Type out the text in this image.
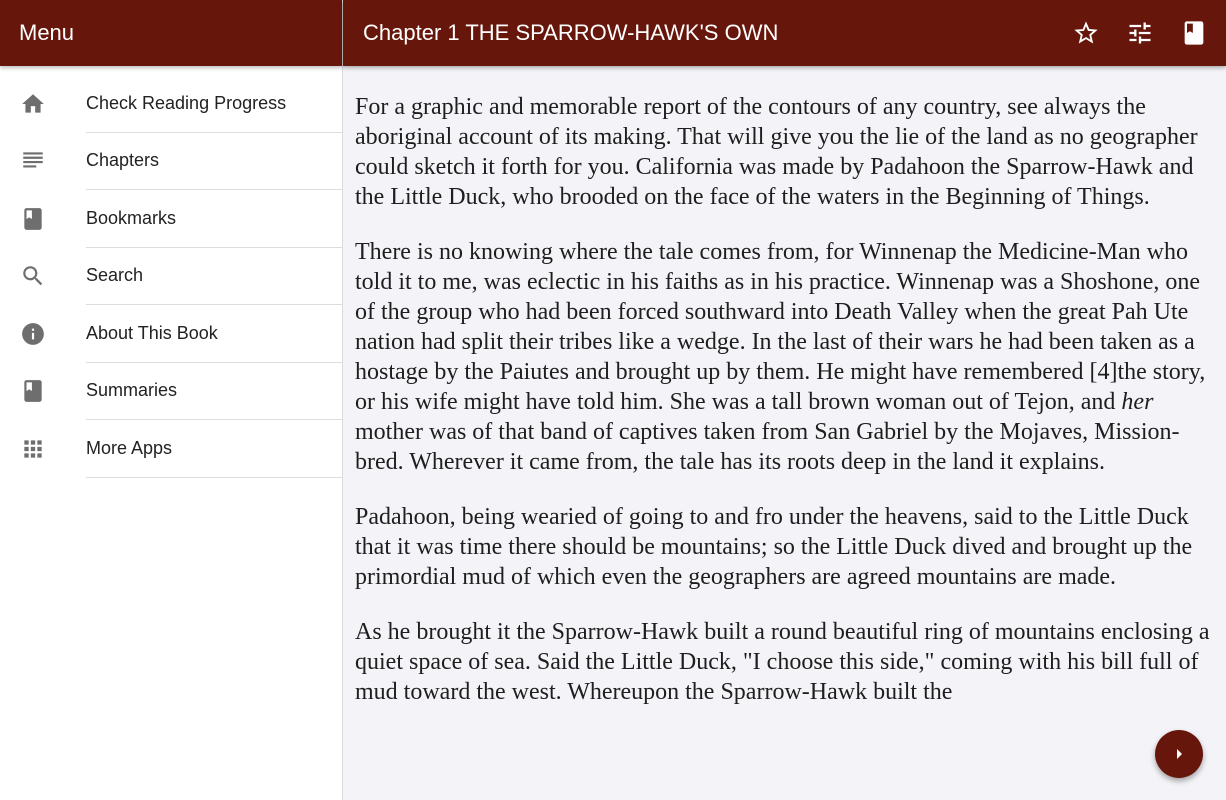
Menu
Check Reading Progress
Chapters
Bookmarks
Search
About This Book
Summaries
More Apps
Chapter 1 THE SPARROW-HAWK'S OWN

For a graphic and memorable report of the contours of any country, see always the aboriginal account of its making. That will give you the lie of the land as no geographer could sketch it forth for you. California was made by Padahoon the Sparrow-Hawk and the Little Duck, who brooded on the face of the waters in the Beginning of Things.

There is no knowing where the tale comes from, for Winnenap the Medicine-Man who told it to me, was eclectic in his faiths as in his practice. Winnenap was a Shoshone, one of the group who had been forced southward into Death Valley when the great Pah Ute nation had split their tribes like a wedge. In the last of their wars he had been taken as a hostage by the Paiutes and brought up by them. He might have remembered [4]the story, or his wife might have told him. She was a tall brown woman out of Tejon, and her mother was of that band of captives taken from San Gabriel by the Mojaves, Mission-bred. Wherever it came from, the tale has its roots deep in the land it explains.

Padahoon, being wearied of going to and fro under the heavens, said to the Little Duck that it was time there should be mountains; so the Little Duck dived and brought up the primordial mud of which even the geographers are agreed mountains are made.

As he brought it the Sparrow-Hawk built a round beautiful ring of mountains enclosing a quiet space of sea. Said the Little Duck, "I choose this side," coming with his bill full of mud toward the west. Whereupon the Sparrow-Hawk built the
